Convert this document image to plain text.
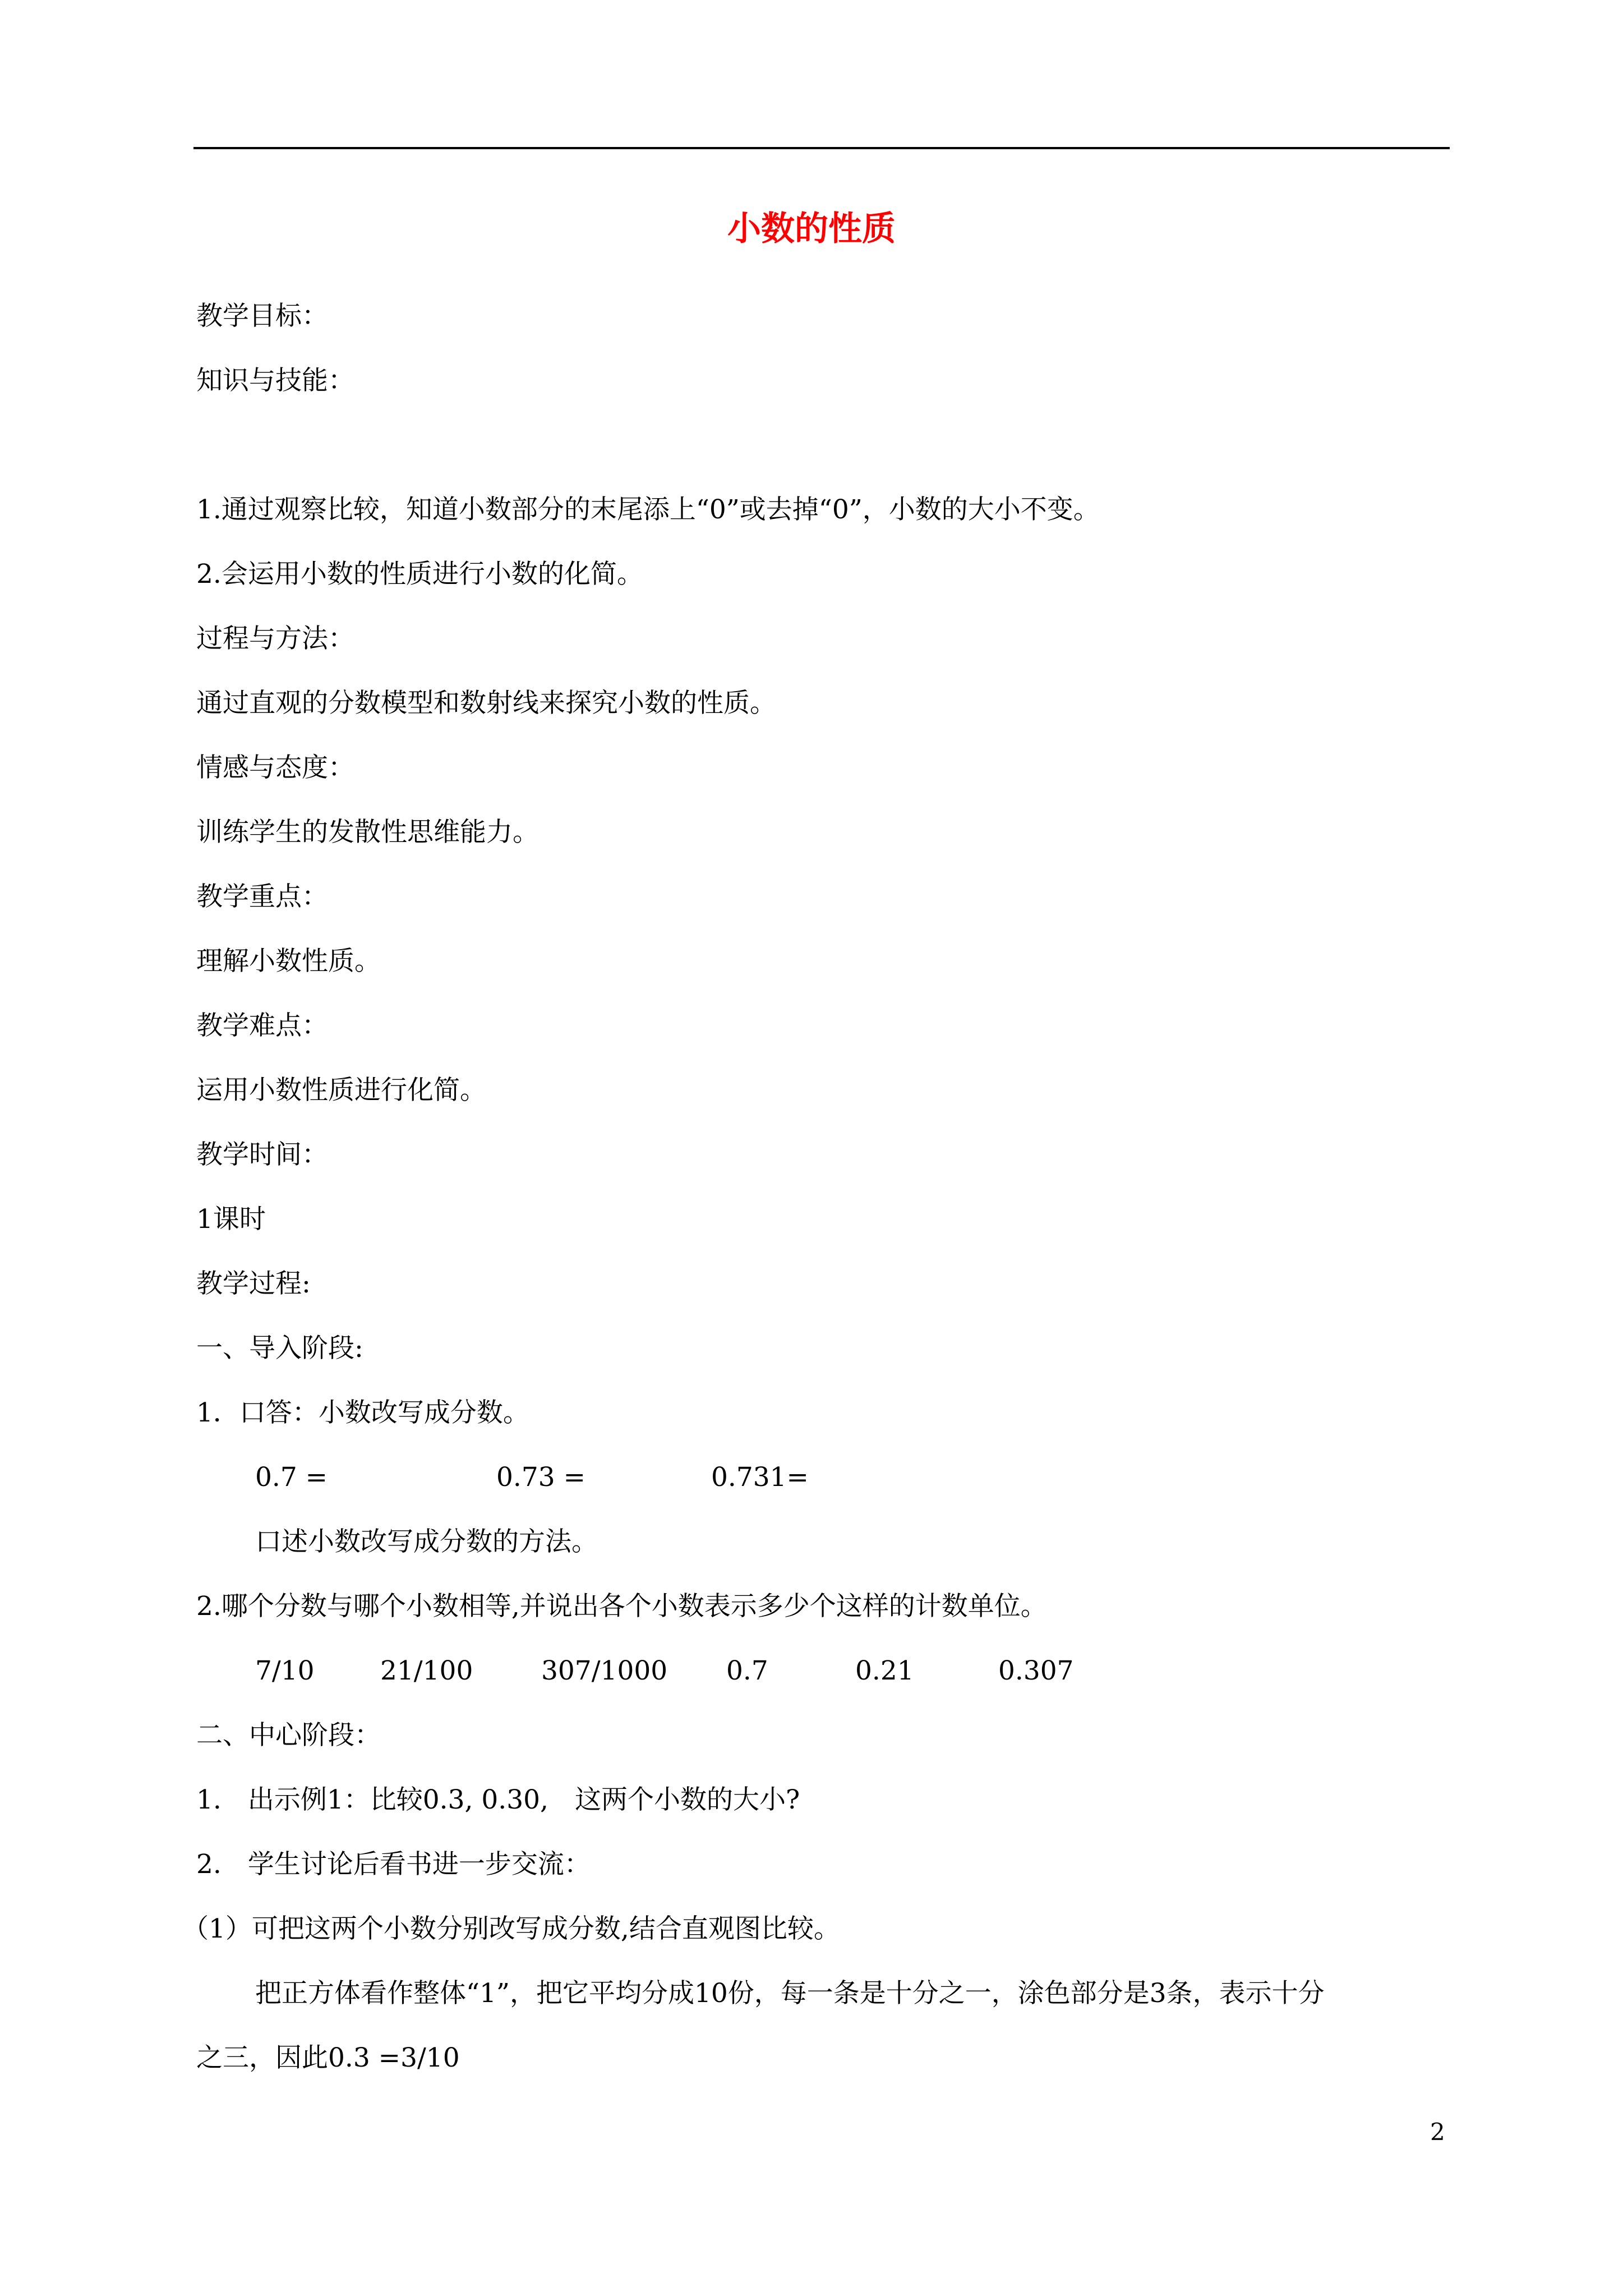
小数的性质
教学目标：
知识与技能：
1.通过观察比较，知道小数部分的末尾添上“0”或去掉“0”，小数的大小不变。
2.会运用小数的性质进行小数的化简。
过程与方法：
通过直观的分数模型和数射线来探究小数的性质。
情感与态度：
训练学生的发散性思维能力。
教学重点：
理解小数性质。
教学难点：
运用小数性质进行化简。
教学时间：
1课时
教学过程:
一、导入阶段:
1．口答：小数改写成分数。
0.7 =	0.73 =	0.731=
口述小数改写成分数的方法。
2.哪个分数与哪个小数相等,并说出各个小数表示多少个这样的计数单位。
7/10 21/100	307/1000 0.7	0.21	0.307
二、中心阶段：
1.　出示例1：比较0.3, 0.30,　这两个小数的大小?
2.　学生讨论后看书进一步交流：
（1）可把这两个小数分别改写成分数,结合直观图比较。
把正方体看作整体“1”，把它平均分成10份，每一条是十分之一，涂色部分是3条，表示十分
之三，因此0.3 =3/10
2
